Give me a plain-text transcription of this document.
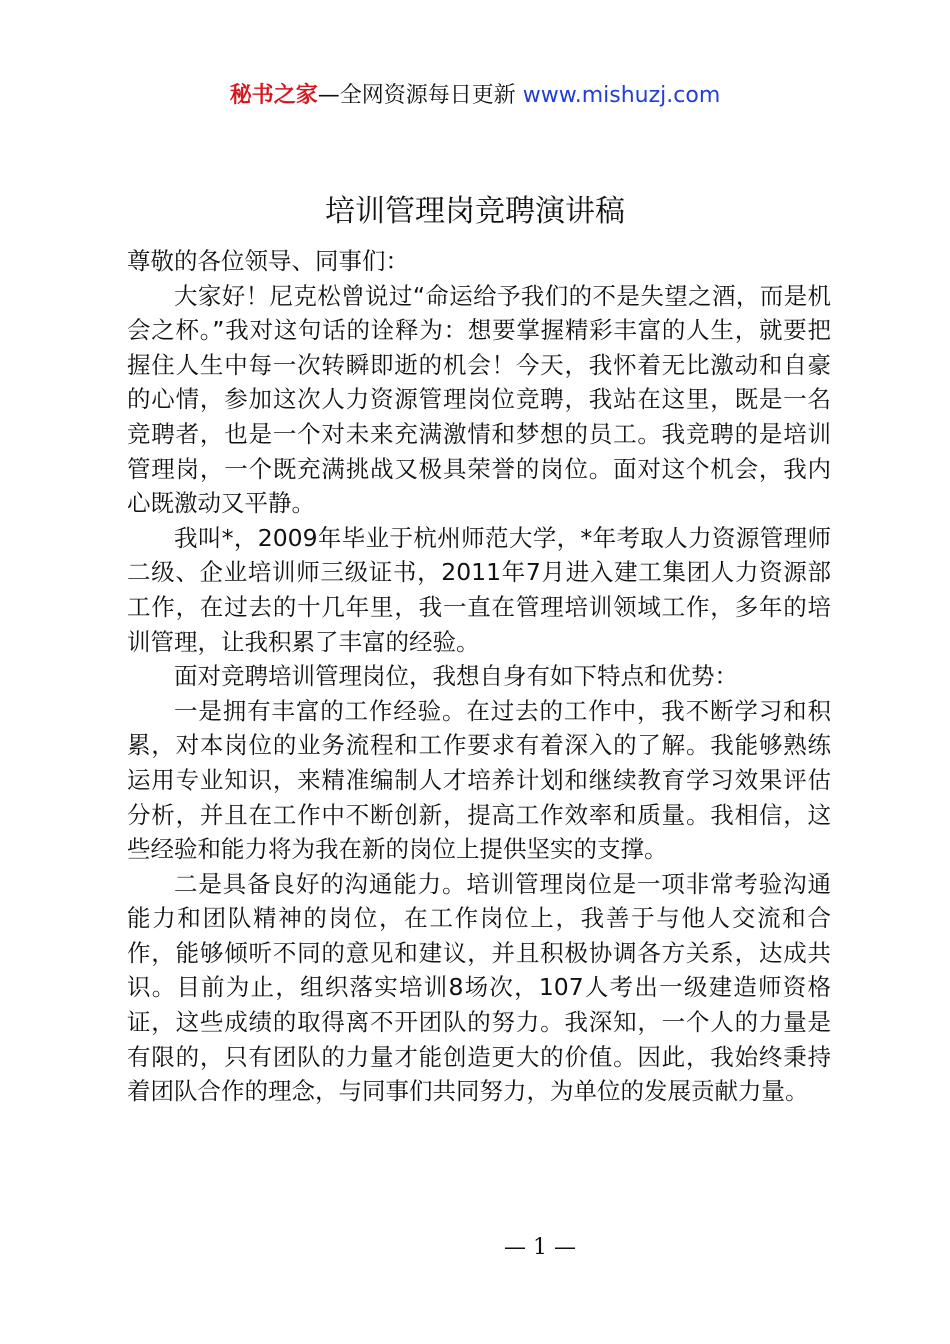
秘书之家—全网资源每日更新 www.mishuzj.com
培训管理岗竞聘演讲稿

尊敬的各位领导、同事们：

大家好！尼克松曾说过“命运给予我们的不是失望之酒，而是机会之杯。”我对这句话的诠释为：想要掌握精彩丰富的人生，就要把握住人生中每一次转瞬即逝的机会！今天，我怀着无比激动和自豪的心情，参加这次人力资源管理岗位竞聘，我站在这里，既是一名竞聘者，也是一个对未来充满激情和梦想的员工。我竞聘的是培训管理岗，一个既充满挑战又极具荣誉的岗位。面对这个机会，我内心既激动又平静。

我叫*，2009年毕业于杭州师范大学，*年考取人力资源管理师二级、企业培训师三级证书，2011年7月进入建工集团人力资源部工作，在过去的十几年里，我一直在管理培训领域工作，多年的培训管理，让我积累了丰富的经验。

面对竞聘培训管理岗位，我想自身有如下特点和优势：

一是拥有丰富的工作经验。在过去的工作中，我不断学习和积累，对本岗位的业务流程和工作要求有着深入的了解。我能够熟练运用专业知识，来精准编制人才培养计划和继续教育学习效果评估分析，并且在工作中不断创新，提高工作效率和质量。我相信，这些经验和能力将为我在新的岗位上提供坚实的支撑。

二是具备良好的沟通能力。培训管理岗位是一项非常考验沟通能力和团队精神的岗位，在工作岗位上，我善于与他人交流和合作，能够倾听不同的意见和建议，并且积极协调各方关系，达成共识。目前为止，组织落实培训8场次，107人考出一级建造师资格证，这些成绩的取得离不开团队的努力。我深知，一个人的力量是有限的，只有团队的力量才能创造更大的价值。因此，我始终秉持着团队合作的理念，与同事们共同努力，为单位的发展贡献力量。

— 1 —
